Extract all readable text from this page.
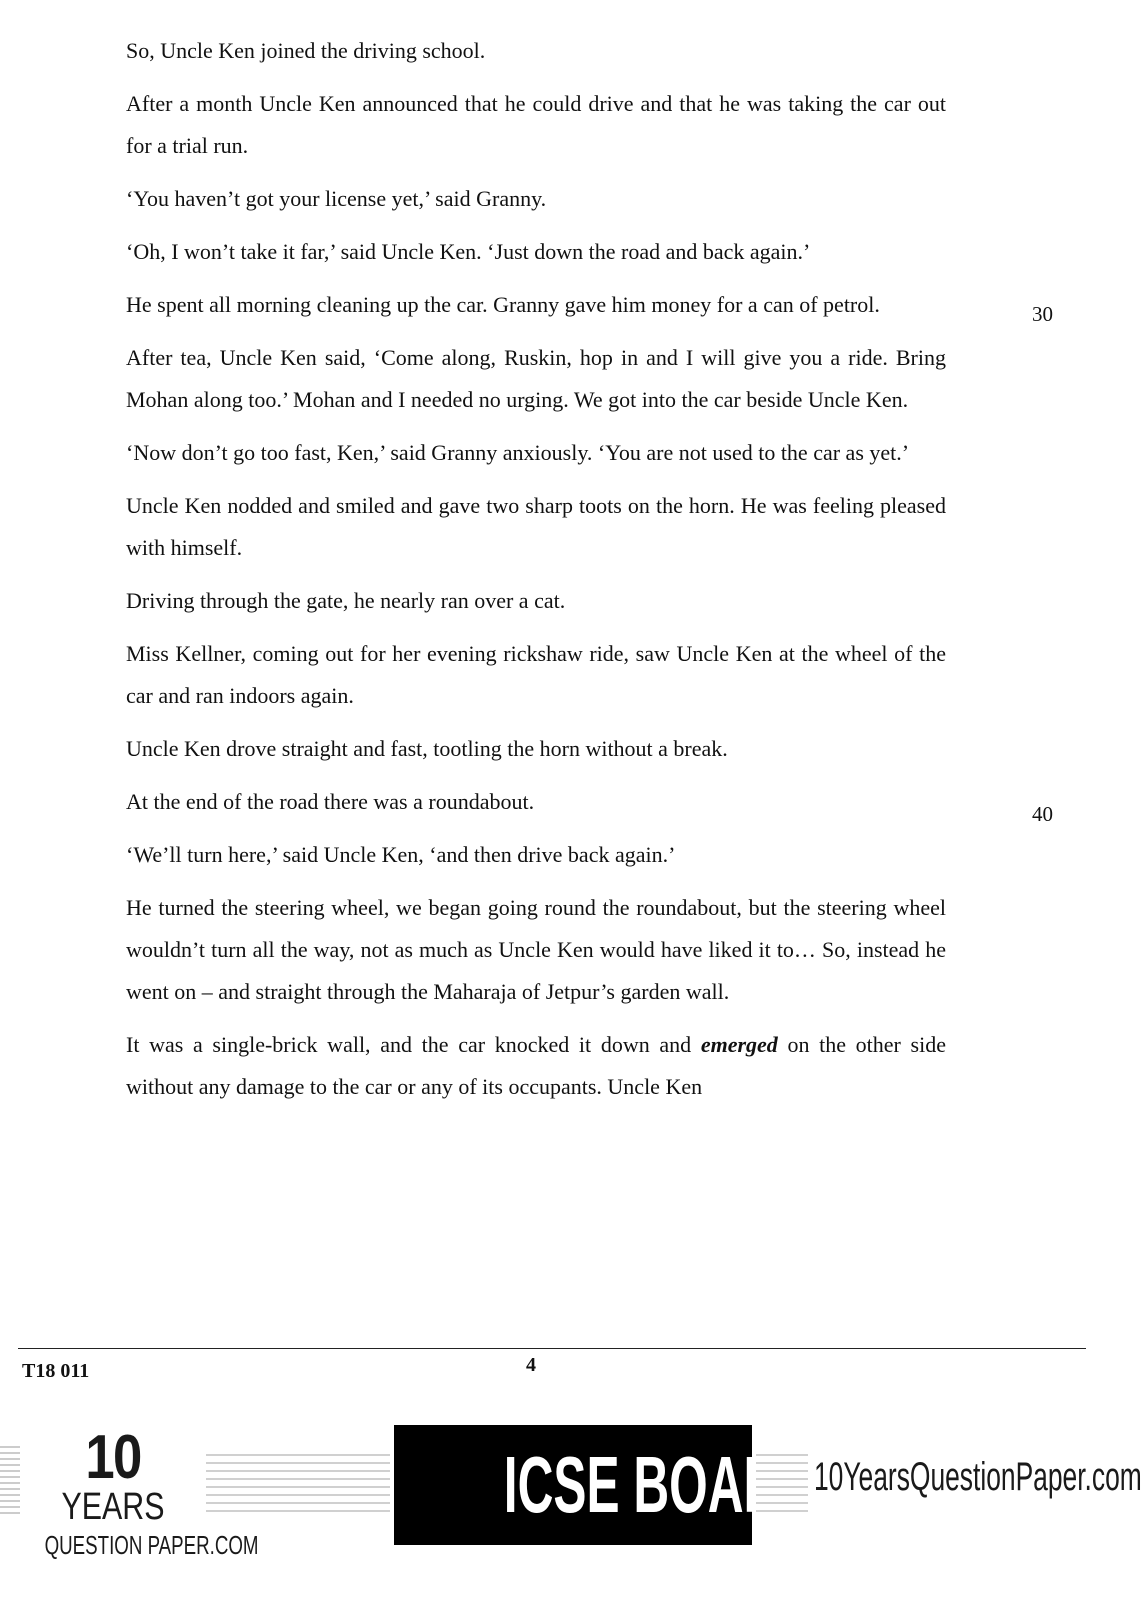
So, Uncle Ken joined the driving school.

After a month Uncle Ken announced that he could drive and that he was taking the car out for a trial run.

‘You haven’t got your license yet,’ said Granny.

‘Oh, I won’t take it far,’ said Uncle Ken. ‘Just down the road and back again.’

He spent all morning cleaning up the car. Granny gave him money for a can of petrol.

After tea, Uncle Ken said, ‘Come along, Ruskin, hop in and I will give you a ride. Bring Mohan along too.’ Mohan and I needed no urging. We got into the car beside Uncle Ken.

‘Now don’t go too fast, Ken,’ said Granny anxiously. ‘You are not used to the car as yet.’

Uncle Ken nodded and smiled and gave two sharp toots on the horn. He was feeling pleased with himself.

Driving through the gate, he nearly ran over a cat.

Miss Kellner, coming out for her evening rickshaw ride, saw Uncle Ken at the wheel of the car and ran indoors again.

Uncle Ken drove straight and fast, tootling the horn without a break.

At the end of the road there was a roundabout.

‘We’ll turn here,’ said Uncle Ken, ‘and then drive back again.’

He turned the steering wheel, we began going round the roundabout, but the steering wheel wouldn’t turn all the way, not as much as Uncle Ken would have liked it to… So, instead he went on – and straight through the Maharaja of Jetpur’s garden wall.

It was a single-brick wall, and the car knocked it down and emerged on the other side without any damage to the car or any of its occupants. Uncle Ken

30
40
T18 011	4
10
YEARS
QUESTION PAPER.COM
ICSE BOARD X
10YearsQuestionPaper.com
